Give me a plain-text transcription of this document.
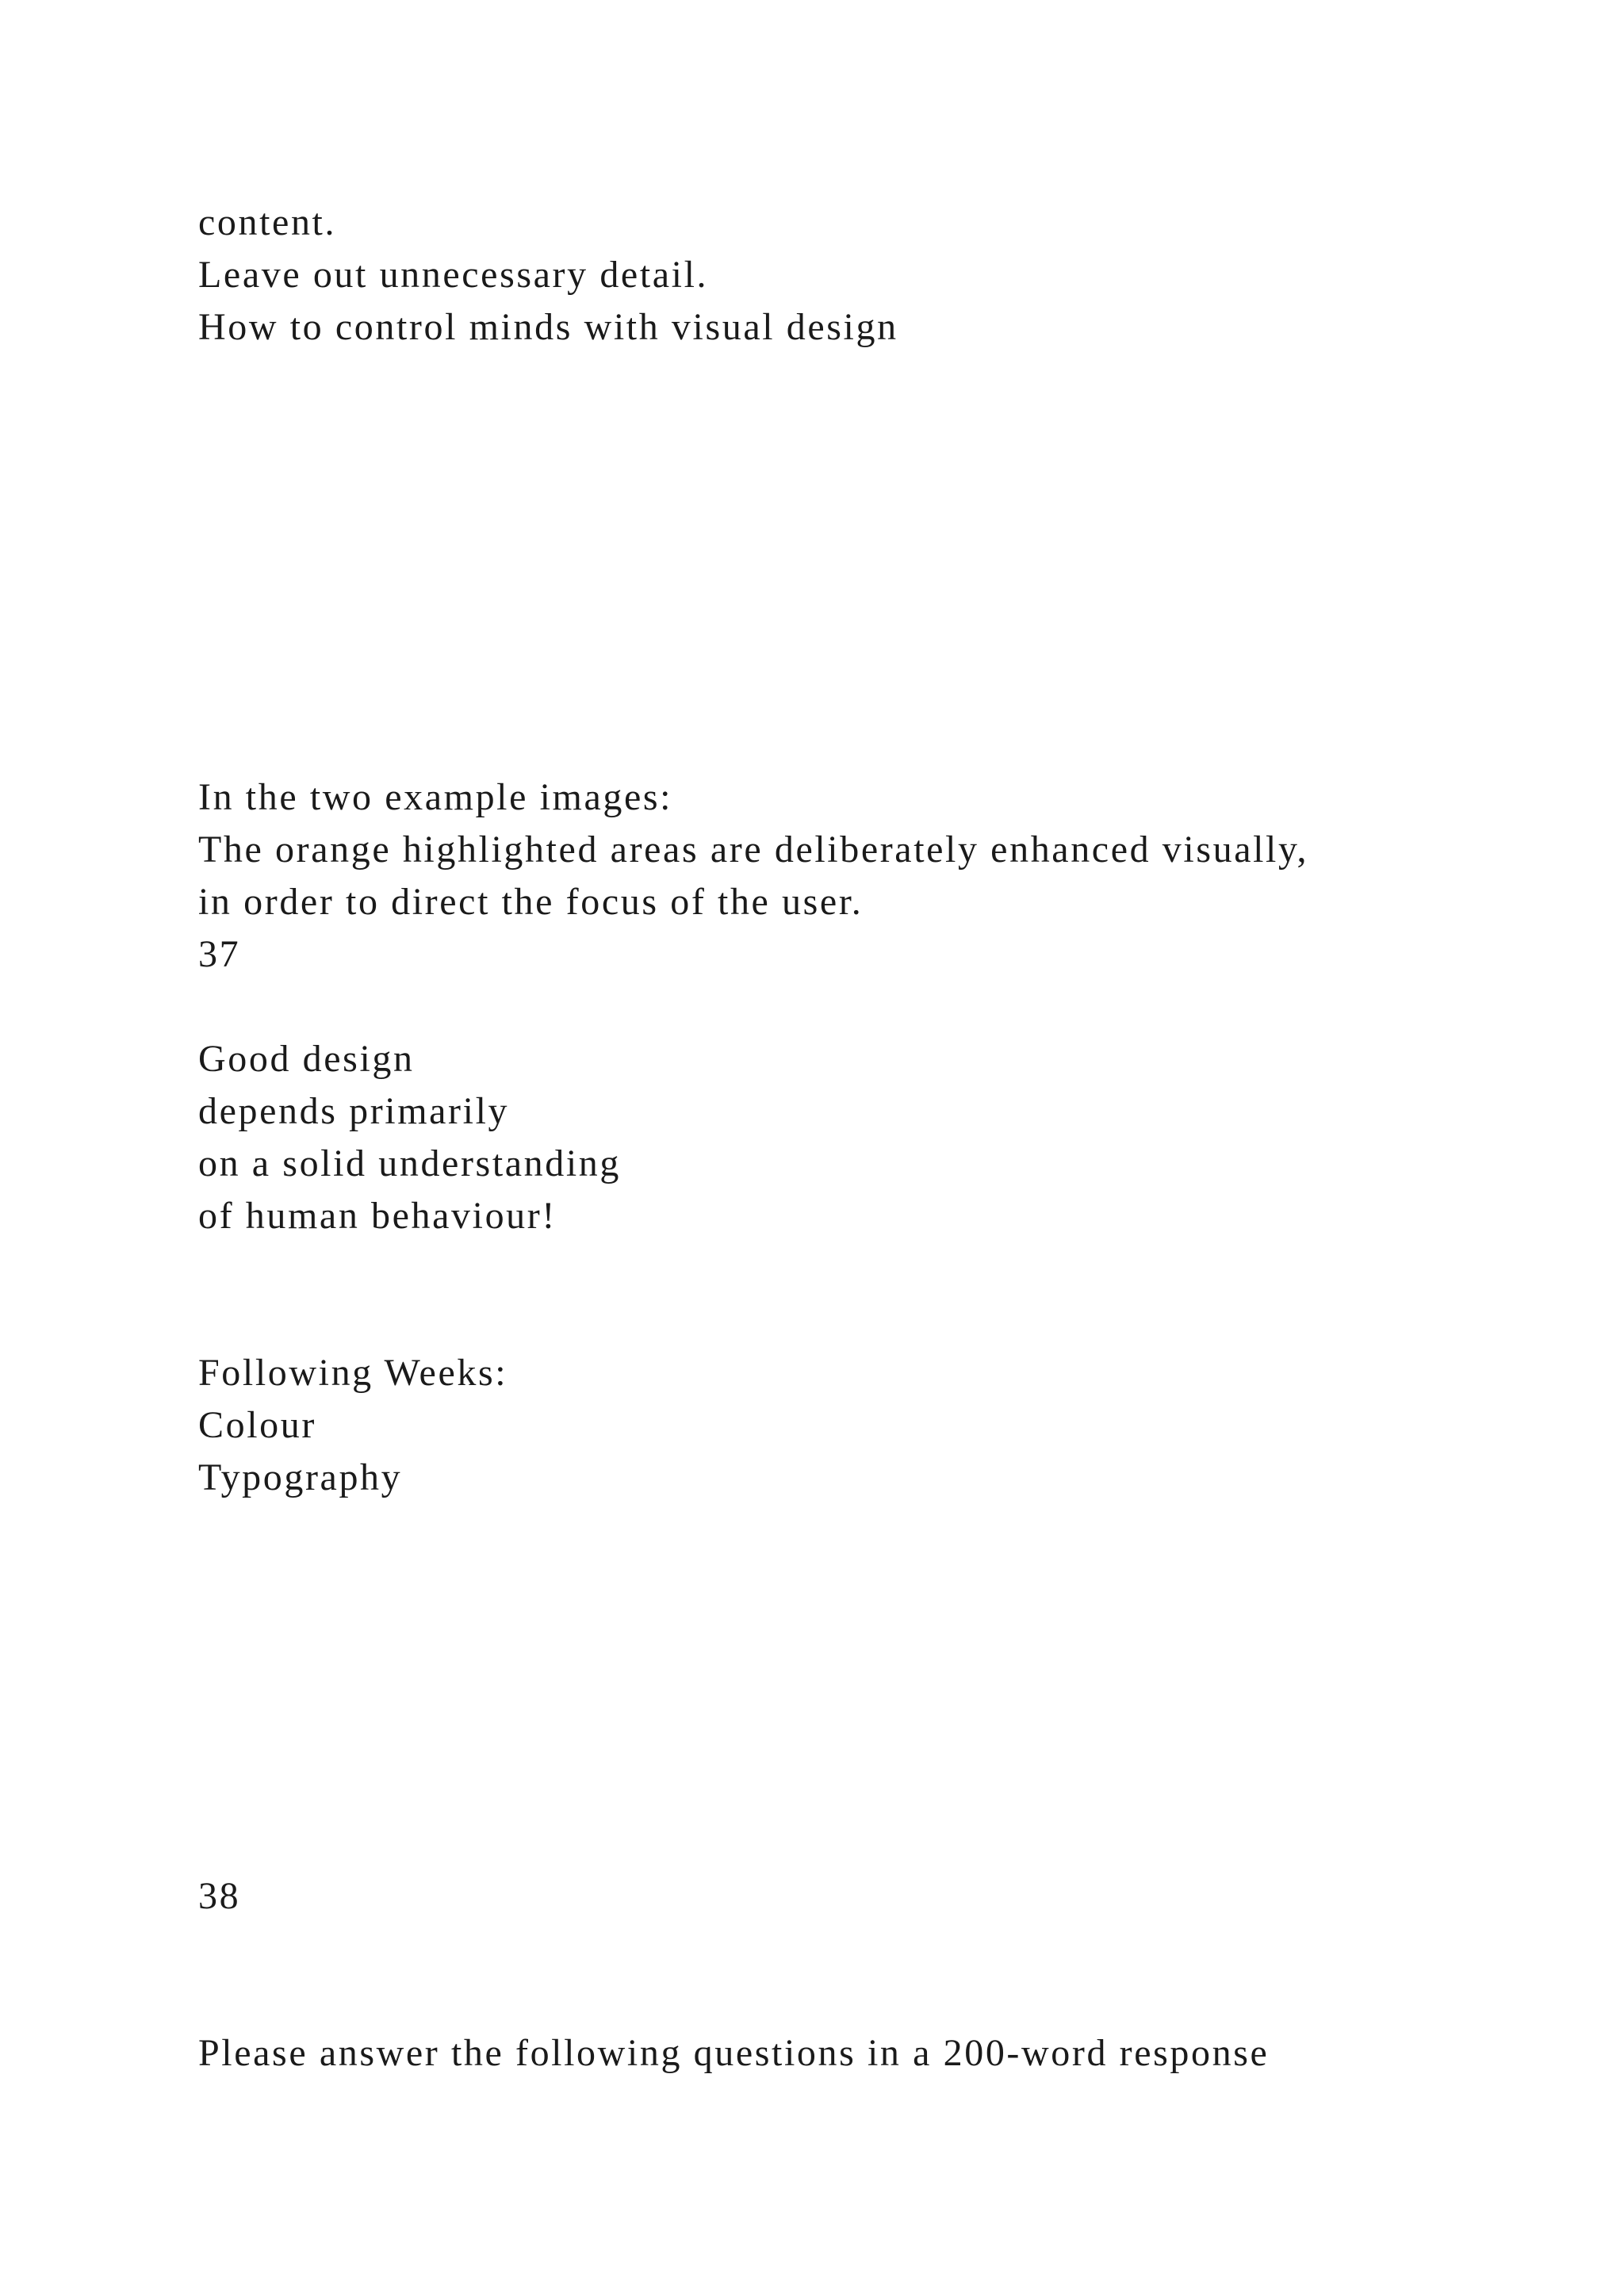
content.

Leave out unnecessary detail.

How to control minds with visual design

In the two example images:

The orange highlighted areas are deliberately enhanced visually,

in order to direct the focus of the user.

37

Good design

depends primarily

on a solid understanding

of human behaviour!

Following Weeks:

Colour

Typography

38

Please answer the following questions in a 200-word response
